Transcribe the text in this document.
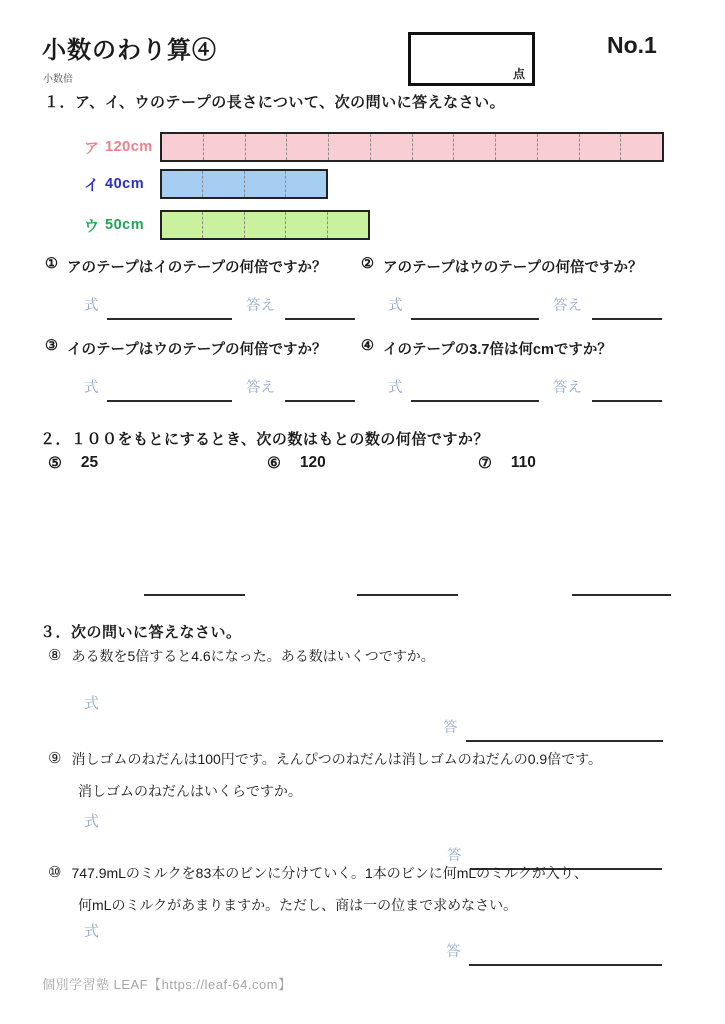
小数のわり算④
小数倍	点
No.1
１．ア、イ、ウのテープの長さについて、次の問いに答えなさい。
ア 120cm
イ 40cm
ウ 50cm
① アのテープはイのテープの何倍ですか？ ② アのテープはウのテープの何倍ですか？
③ イのテープはウのテープの何倍ですか？ ④ イのテープの3.7倍は何cmですか？
式	答え	式	答え
式	答え	式	答え
２．１００をもとにするとき、次の数はもとの数の何倍ですか？
⑤ 25	⑥ 120	⑦ 110
３．次の問いに答えなさい。
⑧ ある数を5倍すると4.6になった。ある数はいくつですか。
式
答
⑨ 消しゴムのねだんは100円です。えんぴつのねだんは消しゴムのねだんの0.9倍です。
消しゴムのねだんはいくらですか。
式
答
⑩ 747.9mLのミルクを83本のビンに分けていく。1本のビンに何mLのミルクが入り、
何mLのミルクがあまりますか。ただし、商は一の位まで求めなさい。
式
答
個別学習塾 LEAF【https://leaf-64.com】
